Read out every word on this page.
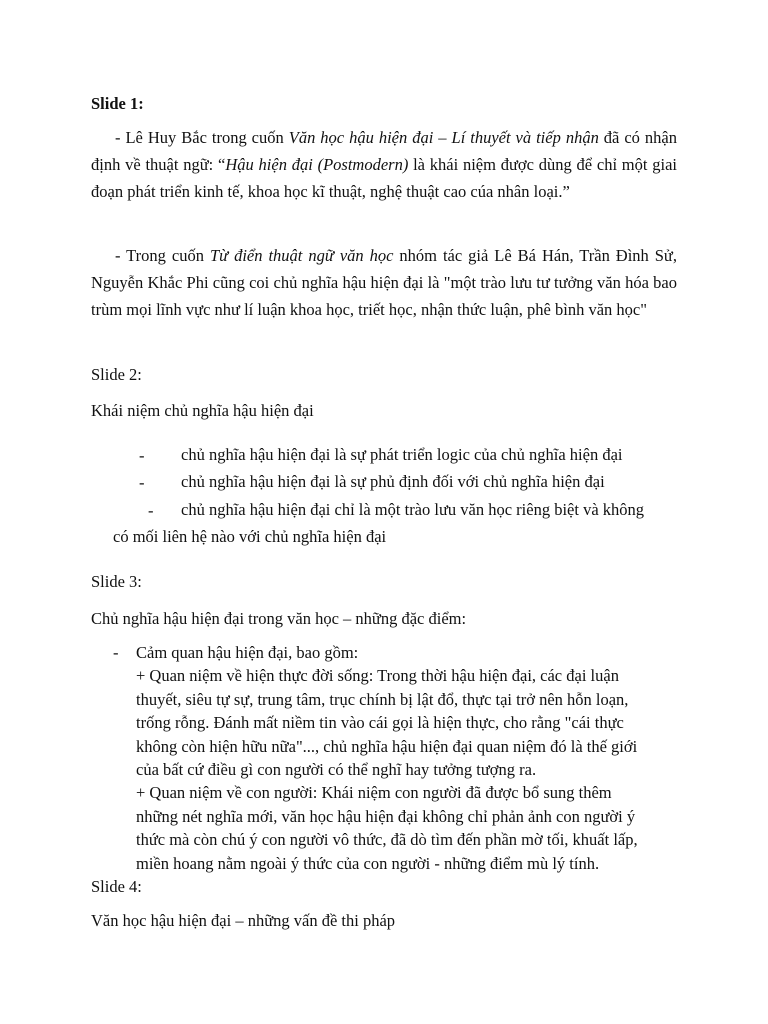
Slide 1:

- Lê Huy Bắc trong cuốn Văn học hậu hiện đại – Lí thuyết và tiếp nhận đã có nhận định về thuật ngữ: “Hậu hiện đại (Postmodern) là khái niệm được dùng để chỉ một giai đoạn phát triển kinh tế, khoa học kĩ thuật, nghệ thuật cao cúa nhân loại.”

- Trong cuốn Từ điển thuật ngữ văn học nhóm tác giả Lê Bá Hán, Trần Đình Sử, Nguyễn Khắc Phi cũng coi chủ nghĩa hậu hiện đại là "một trào lưu tư tưởng văn hóa bao trùm mọi lĩnh vực như lí luận khoa học, triết học, nhận thức luận, phê bình văn học"

Slide 2:
Khái niệm chủ nghĩa hậu hiện đại
- chủ nghĩa hậu hiện đại là sự phát triển logic của chủ nghĩa hiện đại
- chủ nghĩa hậu hiện đại là sự phủ định đối với chủ nghĩa hiện đại
- chủ nghĩa hậu hiện đại chỉ là một trào lưu văn học riêng biệt và không
có mối liên hệ nào với chủ nghĩa hiện đại
Slide 3:
Chủ nghĩa hậu hiện đại trong văn học – những đặc điểm:
- Cảm quan hậu hiện đại, bao gồm:
+ Quan niệm về hiện thực đời sống: Trong thời hậu hiện đại, các đại luận
thuyết, siêu tự sự, trung tâm, trục chính bị lật đổ, thực tại trở nên hỗn loạn,
trống rỗng. Đánh mất niềm tin vào cái gọi là hiện thực, cho rằng "cái thực
không còn hiện hữu nữa"..., chủ nghĩa hậu hiện đại quan niệm đó là thế giới
của bất cứ điều gì con người có thể nghĩ hay tưởng tượng ra.
+ Quan niệm về con người: Khái niệm con người đã được bổ sung thêm
những nét nghĩa mới, văn học hậu hiện đại không chỉ phản ảnh con người ý
thức mà còn chú ý con người vô thức, đã dò tìm đến phần mờ tối, khuất lấp,
miền hoang nằm ngoài ý thức của con người - những điểm mù lý tính.
Slide 4:
Văn học hậu hiện đại – những vấn đề thi pháp
